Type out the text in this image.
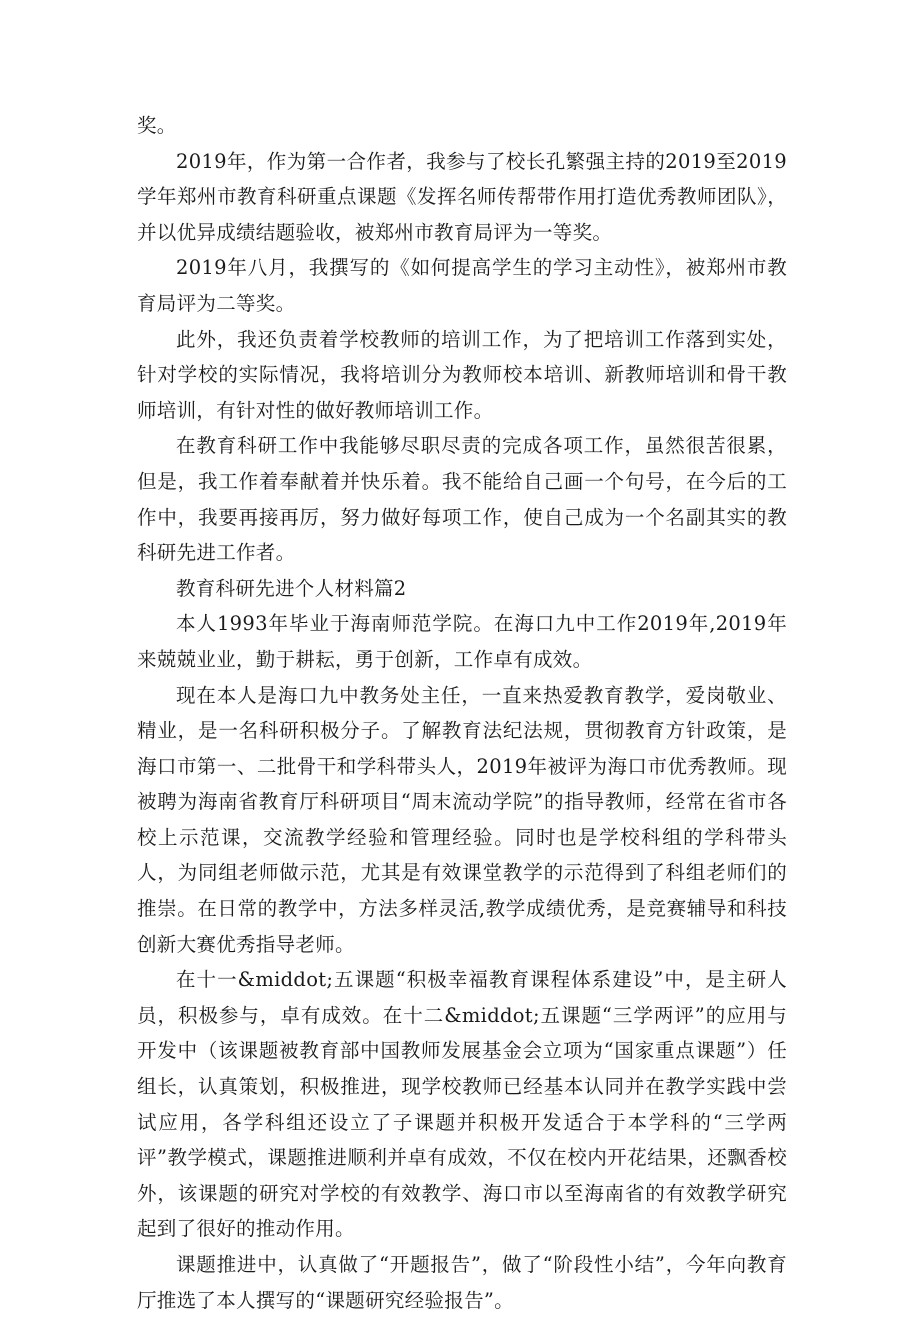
奖。

2019年，作为第一合作者，我参与了校长孔繁强主持的2019至2019学年郑州市教育科研重点课题《发挥名师传帮带作用打造优秀教师团队》，并以优异成绩结题验收，被郑州市教育局评为一等奖。

2019年八月，我撰写的《如何提高学生的学习主动性》，被郑州市教育局评为二等奖。

此外，我还负责着学校教师的培训工作，为了把培训工作落到实处，针对学校的实际情况，我将培训分为教师校本培训、新教师培训和骨干教师培训，有针对性的做好教师培训工作。

在教育科研工作中我能够尽职尽责的完成各项工作，虽然很苦很累，但是，我工作着奉献着并快乐着。我不能给自己画一个句号，在今后的工作中，我要再接再厉，努力做好每项工作，使自己成为一个名副其实的教科研先进工作者。

教育科研先进个人材料篇2

本人1993年毕业于海南师范学院。在海口九中工作2019年,2019年来兢兢业业，勤于耕耘，勇于创新，工作卓有成效。

现在本人是海口九中教务处主任，一直来热爱教育教学，爱岗敬业、精业，是一名科研积极分子。了解教育法纪法规，贯彻教育方针政策，是海口市第一、二批骨干和学科带头人，2019年被评为海口市优秀教师。现被聘为海南省教育厅科研项目“周末流动学院”的指导教师，经常在省市各校上示范课，交流教学经验和管理经验。同时也是学校科组的学科带头人，为同组老师做示范，尤其是有效课堂教学的示范得到了科组老师们的推崇。在日常的教学中，方法多样灵活,教学成绩优秀，是竞赛辅导和科技创新大赛优秀指导老师。

在十一&middot;五课题“积极幸福教育课程体系建设”中，是主研人员，积极参与，卓有成效。在十二&middot;五课题“三学两评”的应用与开发中（该课题被教育部中国教师发展基金会立项为“国家重点课题”）任组长，认真策划，积极推进，现学校教师已经基本认同并在教学实践中尝试应用，各学科组还设立了子课题并积极开发适合于本学科的“三学两评”教学模式，课题推进顺利并卓有成效，不仅在校内开花结果，还飘香校外，该课题的研究对学校的有效教学、海口市以至海南省的有效教学研究起到了很好的推动作用。

课题推进中，认真做了“开题报告”，做了“阶段性小结”，今年向教育厅推选了本人撰写的“课题研究经验报告”。
